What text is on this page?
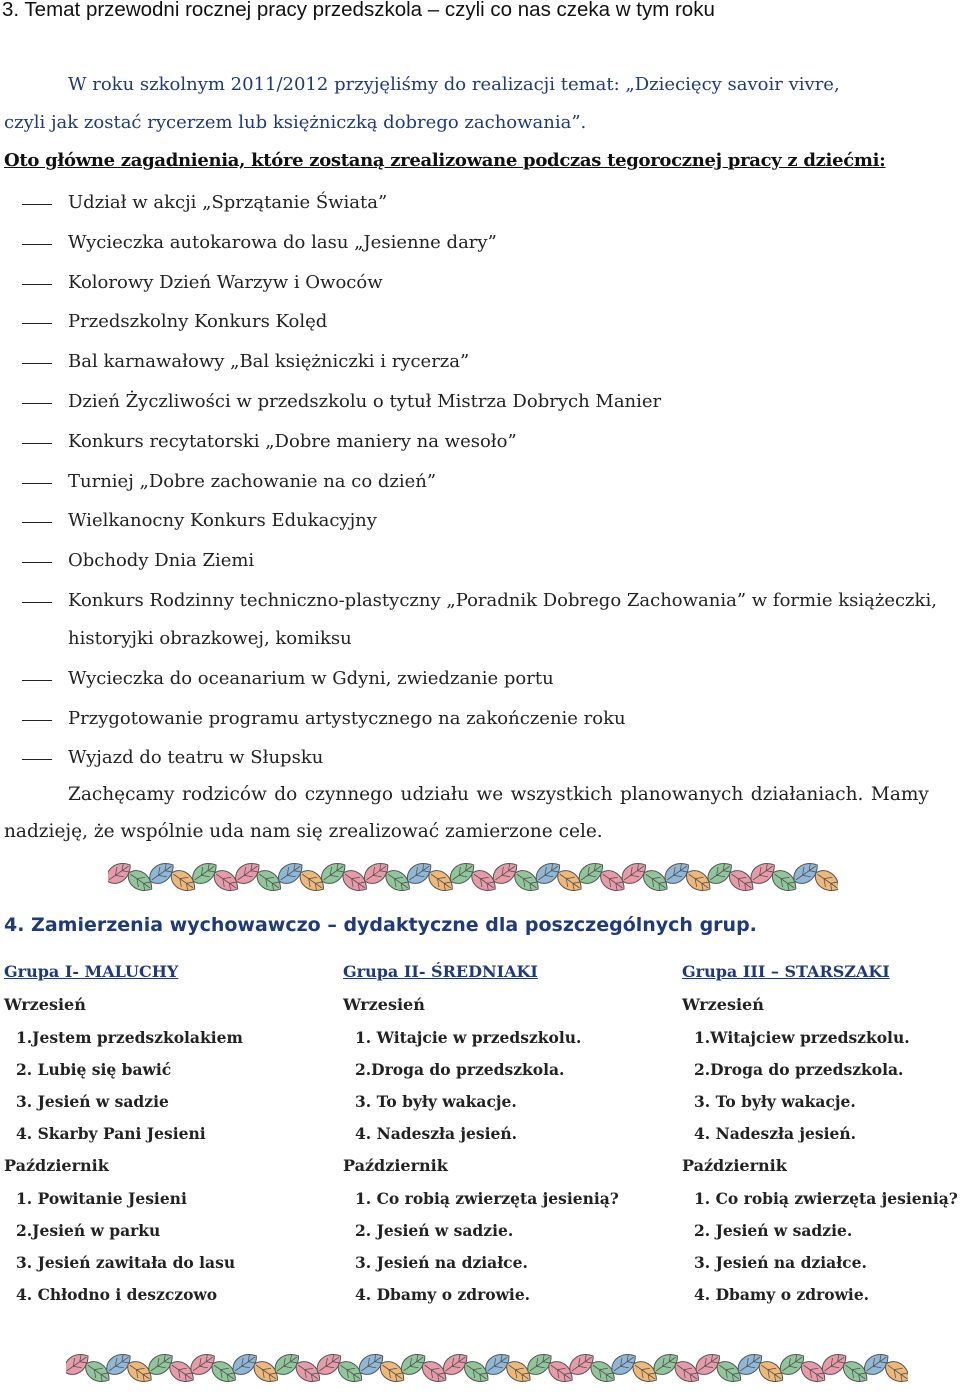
3. Temat przewodni rocznej pracy przedszkola – czyli co nas czeka w tym roku
W roku szkolnym 2011/2012 przyjęliśmy do realizacji temat: „Dziecięcy savoir vivre,
czyli jak zostać rycerzem lub księżniczką dobrego zachowania”.
Oto główne zagadnienia, które zostaną zrealizowane podczas tegorocznej pracy z dziećmi:
Udział w akcji „Sprzątanie Świata”
Wycieczka autokarowa do lasu „Jesienne dary”
Kolorowy Dzień Warzyw i Owoców
Przedszkolny Konkurs Kolęd
Bal karnawałowy „Bal księżniczki i rycerza”
Dzień Życzliwości w przedszkolu o tytuł Mistrza Dobrych Manier
Konkurs recytatorski „Dobre maniery na wesoło”
Turniej „Dobre zachowanie na co dzień”
Wielkanocny Konkurs Edukacyjny
Obchody Dnia Ziemi
Konkurs Rodzinny techniczno-plastyczny „Poradnik Dobrego Zachowania” w formie książeczki,
historyjki obrazkowej, komiksu
Wycieczka do oceanarium w Gdyni, zwiedzanie portu
Przygotowanie programu artystycznego na zakończenie roku
Wyjazd do teatru w Słupsku
Zachęcamy rodziców do czynnego udziału we wszystkich planowanych działaniach. Mamy
nadzieję, że wspólnie uda nam się zrealizować zamierzone cele.
4. Zamierzenia wychowawczo – dydaktyczne dla poszczególnych grup.
Grupa I- MALUCHY
Wrzesień
1.Jestem przedszkolakiem
2. Lubię się bawić
3. Jesień w sadzie
4. Skarby Pani Jesieni
Październik
1. Powitanie Jesieni
2.Jesień w parku
3. Jesień zawitała do lasu
4. Chłodno i deszczowo
Grupa II- ŚREDNIAKI
Wrzesień
1. Witajcie w przedszkolu.
2.Droga do przedszkola.
3. To były wakacje.
4. Nadeszła jesień.
Październik
1. Co robią zwierzęta jesienią?
2. Jesień w sadzie.
3. Jesień na działce.
4. Dbamy o zdrowie.
Grupa III – STARSZAKI
Wrzesień
1.Witajciew przedszkolu.
2.Droga do przedszkola.
3. To były wakacje.
4. Nadeszła jesień.
Październik
1. Co robią zwierzęta jesienią?
2. Jesień w sadzie.
3. Jesień na działce.
4. Dbamy o zdrowie.
